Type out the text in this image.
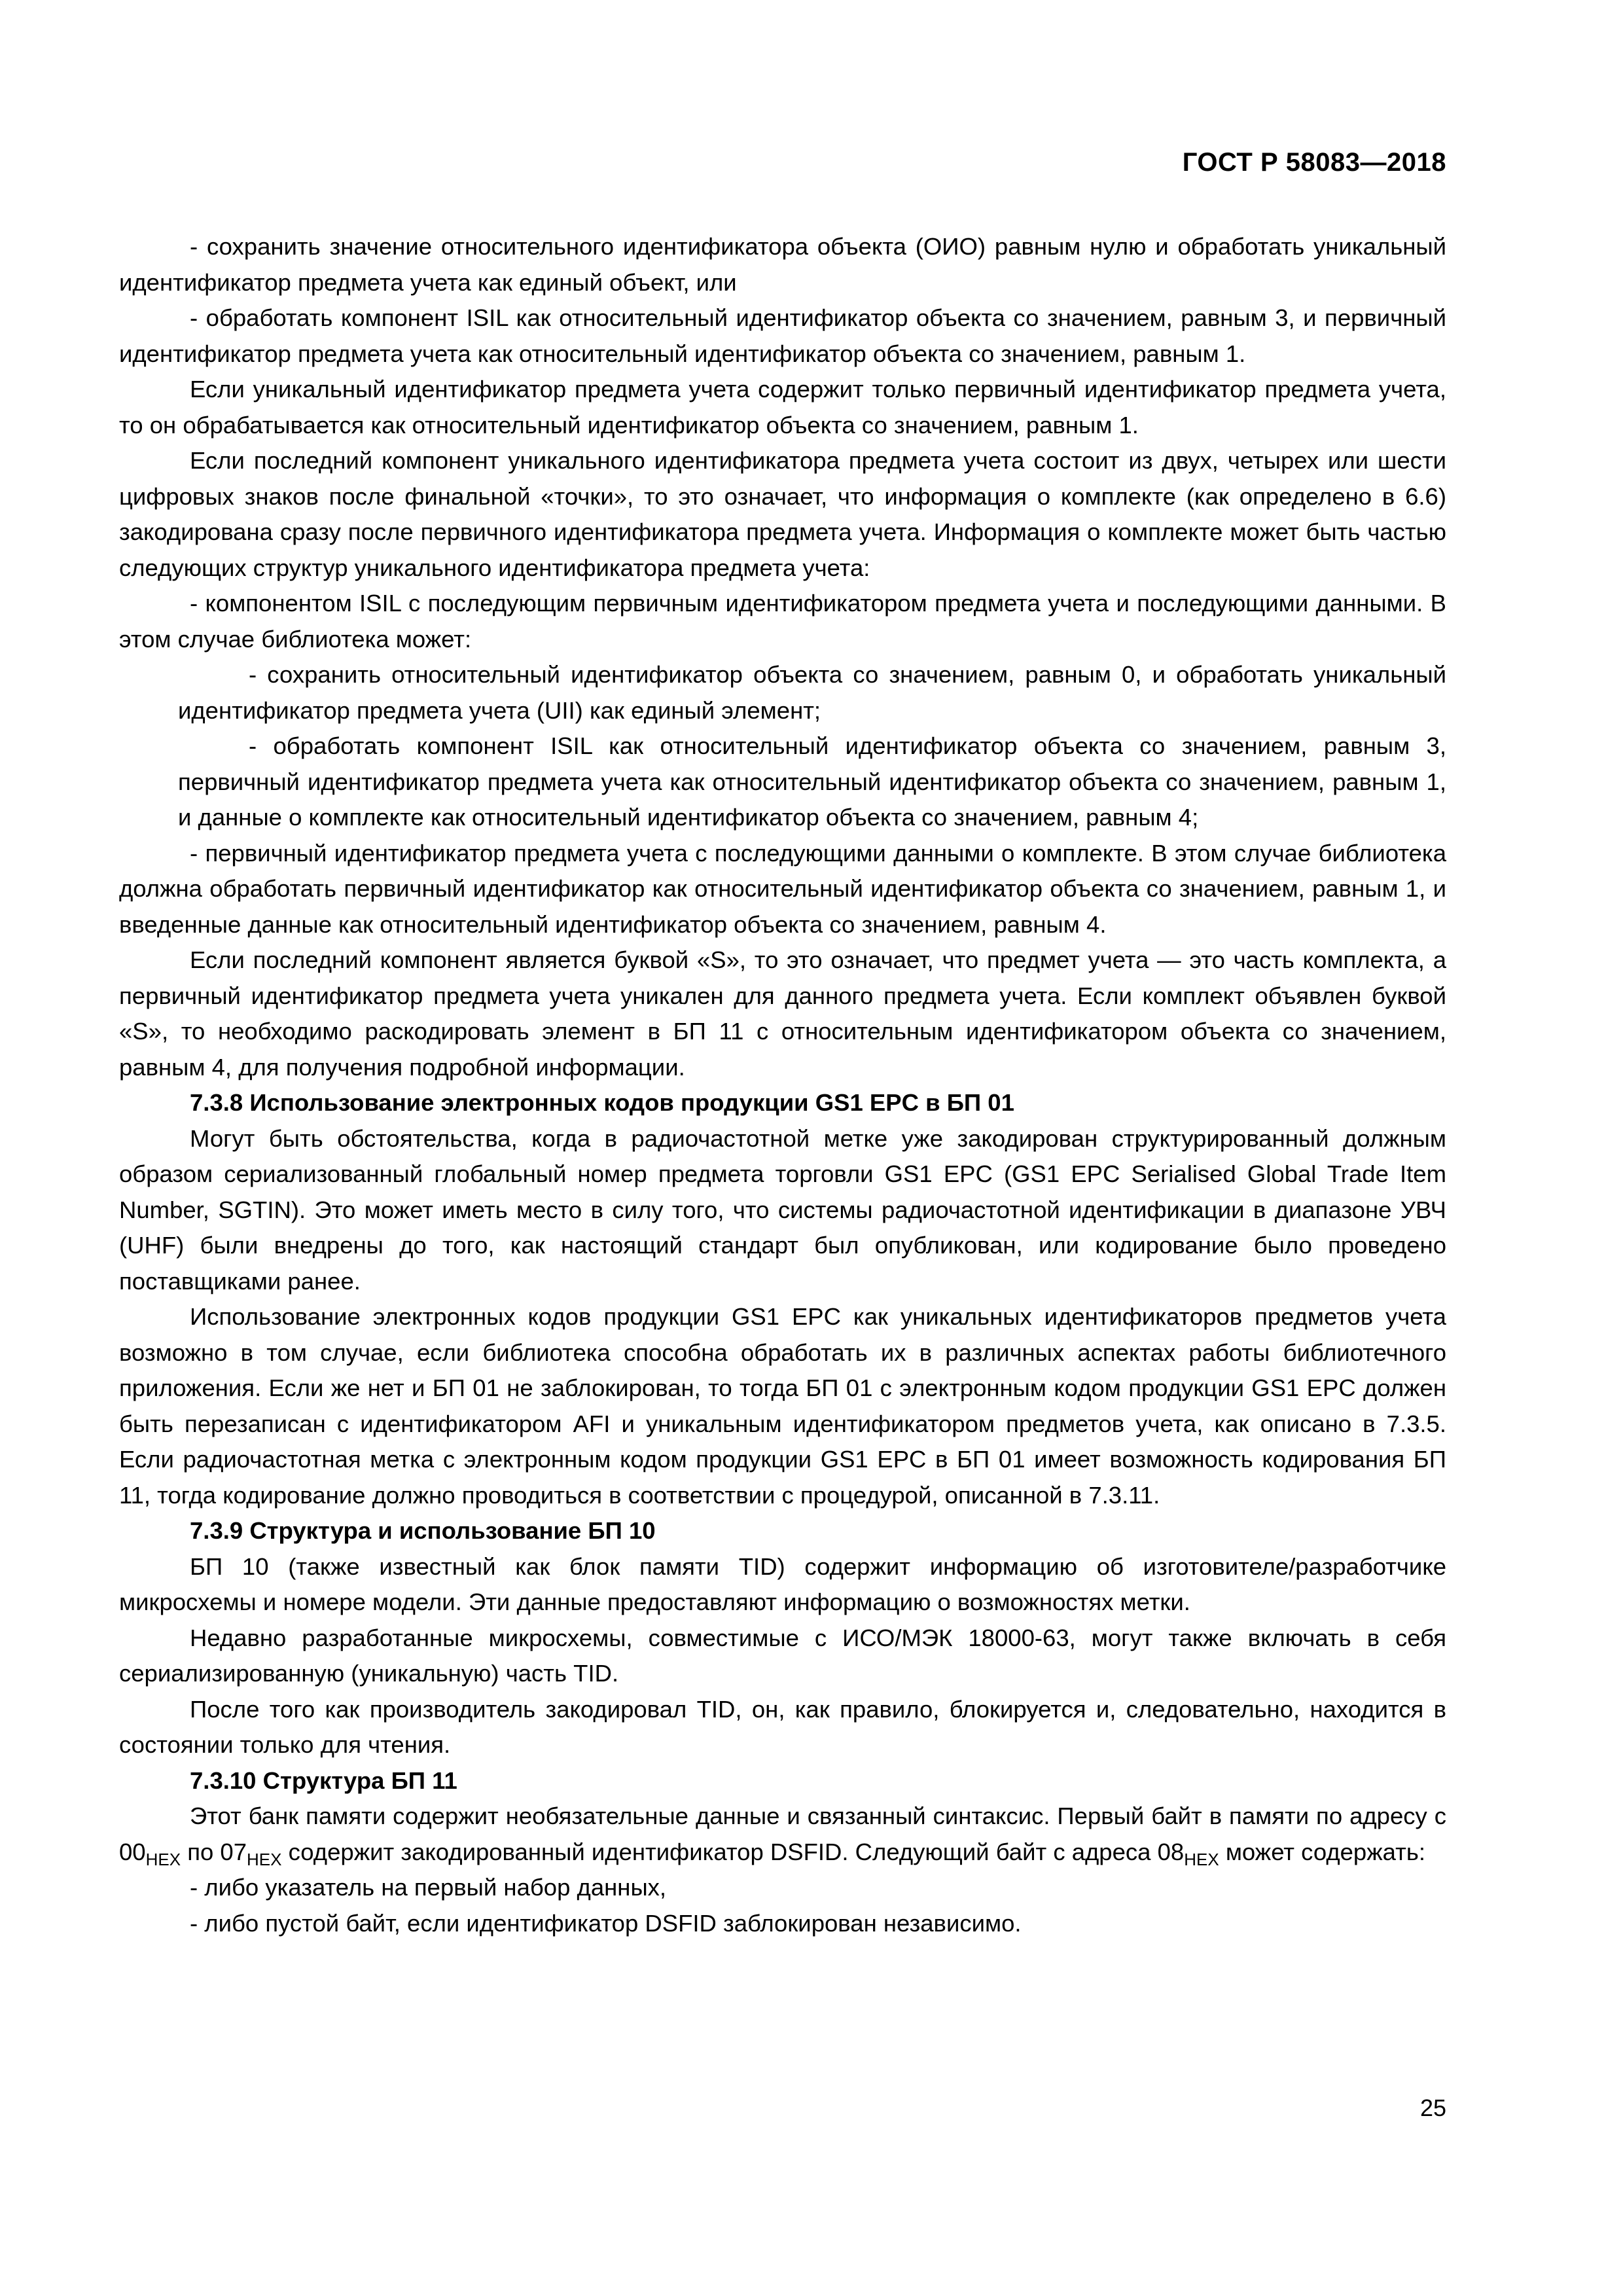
ГОСТ Р 58083—2018

- сохранить значение относительного идентификатора объекта (ОИО) равным нулю и обработать уникальный идентификатор предмета учета как единый объект, или

- обработать компонент ISIL как относительный идентификатор объекта со значением, равным 3, и первичный идентификатор предмета учета как относительный идентификатор объекта со значением, равным 1.

Если уникальный идентификатор предмета учета содержит только первичный идентификатор предмета учета, то он обрабатывается как относительный идентификатор объекта со значением, равным 1.

Если последний компонент уникального идентификатора предмета учета состоит из двух, четырех или шести цифровых знаков после финальной «точки», то это означает, что информация о комплекте (как определено в 6.6) закодирована сразу после первичного идентификатора предмета учета. Информация о комплекте может быть частью следующих структур уникального идентификатора предмета учета:

- компонентом ISIL с последующим первичным идентификатором предмета учета и последующими данными. В этом случае библиотека может:

- сохранить относительный идентификатор объекта со значением, равным 0, и обработать уникальный идентификатор предмета учета (UII) как единый элемент;

- обработать компонент ISIL как относительный идентификатор объекта со значением, равным 3, первичный идентификатор предмета учета как относительный идентификатор объекта со значением, равным 1, и данные о комплекте как относительный идентификатор объекта со значением, равным 4;

- первичный идентификатор предмета учета с последующими данными о комплекте. В этом случае библиотека должна обработать первичный идентификатор как относительный идентификатор объекта со значением, равным 1, и введенные данные как относительный идентификатор объекта со значением, равным 4.

Если последний компонент является буквой «S», то это означает, что предмет учета — это часть комплекта, а первичный идентификатор предмета учета уникален для данного предмета учета. Если комплект объявлен буквой «S», то необходимо раскодировать элемент в БП 11 с относительным идентификатором объекта со значением, равным 4, для получения подробной информации.

7.3.8 Использование электронных кодов продукции GS1 EPC в БП 01

Могут быть обстоятельства, когда в радиочастотной метке уже закодирован структурированный должным образом сериализованный глобальный номер предмета торговли GS1 EPC (GS1 EPC Serialised Global Trade Item Number, SGTIN). Это может иметь место в силу того, что системы радиочастотной идентификации в диапазоне УВЧ (UHF) были внедрены до того, как настоящий стандарт был опубликован, или кодирование было проведено поставщиками ранее.

Использование электронных кодов продукции GS1 EPC как уникальных идентификаторов предметов учета возможно в том случае, если библиотека способна обработать их в различных аспектах работы библиотечного приложения. Если же нет и БП 01 не заблокирован, то тогда БП 01 с электронным кодом продукции GS1 EPC должен быть перезаписан с идентификатором AFI и уникальным идентификатором предметов учета, как описано в 7.3.5. Если радиочастотная метка с электронным кодом продукции GS1 EPC в БП 01 имеет возможность кодирования БП 11, тогда кодирование должно проводиться в соответствии с процедурой, описанной в 7.3.11.

7.3.9 Структура и использование БП 10

БП 10 (также известный как блок памяти TID) содержит информацию об изготовителе/разработчике микросхемы и номере модели. Эти данные предоставляют информацию о возможностях метки.

Недавно разработанные микросхемы, совместимые с ИСО/МЭК 18000-63, могут также включать в себя сериализированную (уникальную) часть TID.

После того как производитель закодировал TID, он, как правило, блокируется и, следовательно, находится в состоянии только для чтения.

7.3.10 Структура БП 11

Этот банк памяти содержит необязательные данные и связанный синтаксис. Первый байт в памяти по адресу с $00_{HEX}$ по $07_{HEX}$ содержит закодированный идентификатор DSFID. Следующий байт с адреса $08_{HEX}$ может содержать:

- либо указатель на первый набор данных,

- либо пустой байт, если идентификатор DSFID заблокирован независимо.

25
